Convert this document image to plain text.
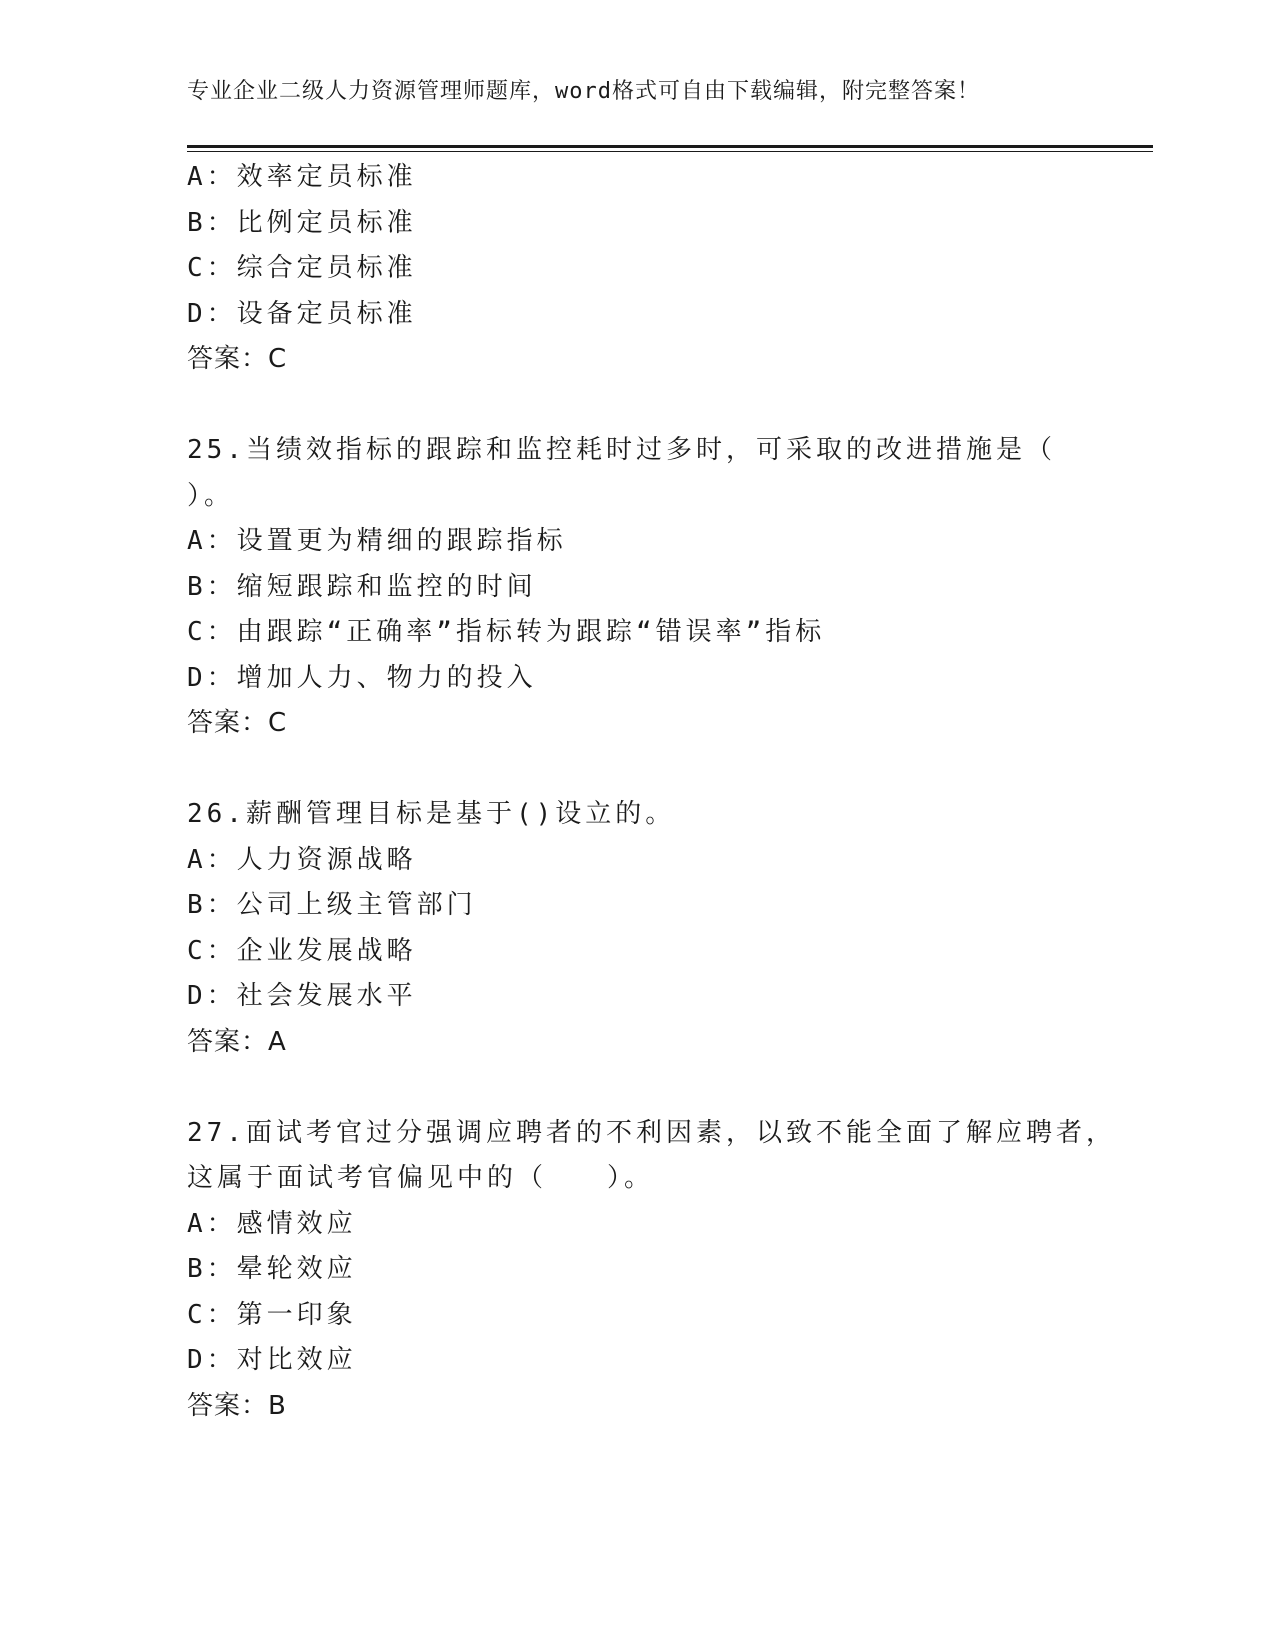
专业企业二级人力资源管理师题库，word格式可自由下载编辑，附完整答案！
A：效率定员标准
B：比例定员标准
C：综合定员标准
D：设备定员标准
答案：C
25.当绩效指标的跟踪和监控耗时过多时，可采取的改进措施是（
）。
A：设置更为精细的跟踪指标
B：缩短跟踪和监控的时间
C：由跟踪“正确率”指标转为跟踪“错误率”指标
D：增加人力、物力的投入
答案：C
26.薪酬管理目标是基于()设立的。
A：人力资源战略
B：公司上级主管部门
C：企业发展战略
D：社会发展水平
答案：A
27.面试考官过分强调应聘者的不利因素，以致不能全面了解应聘者，
这属于面试考官偏见中的（　　）。
A：感情效应
B：晕轮效应
C：第一印象
D：对比效应
答案：B
